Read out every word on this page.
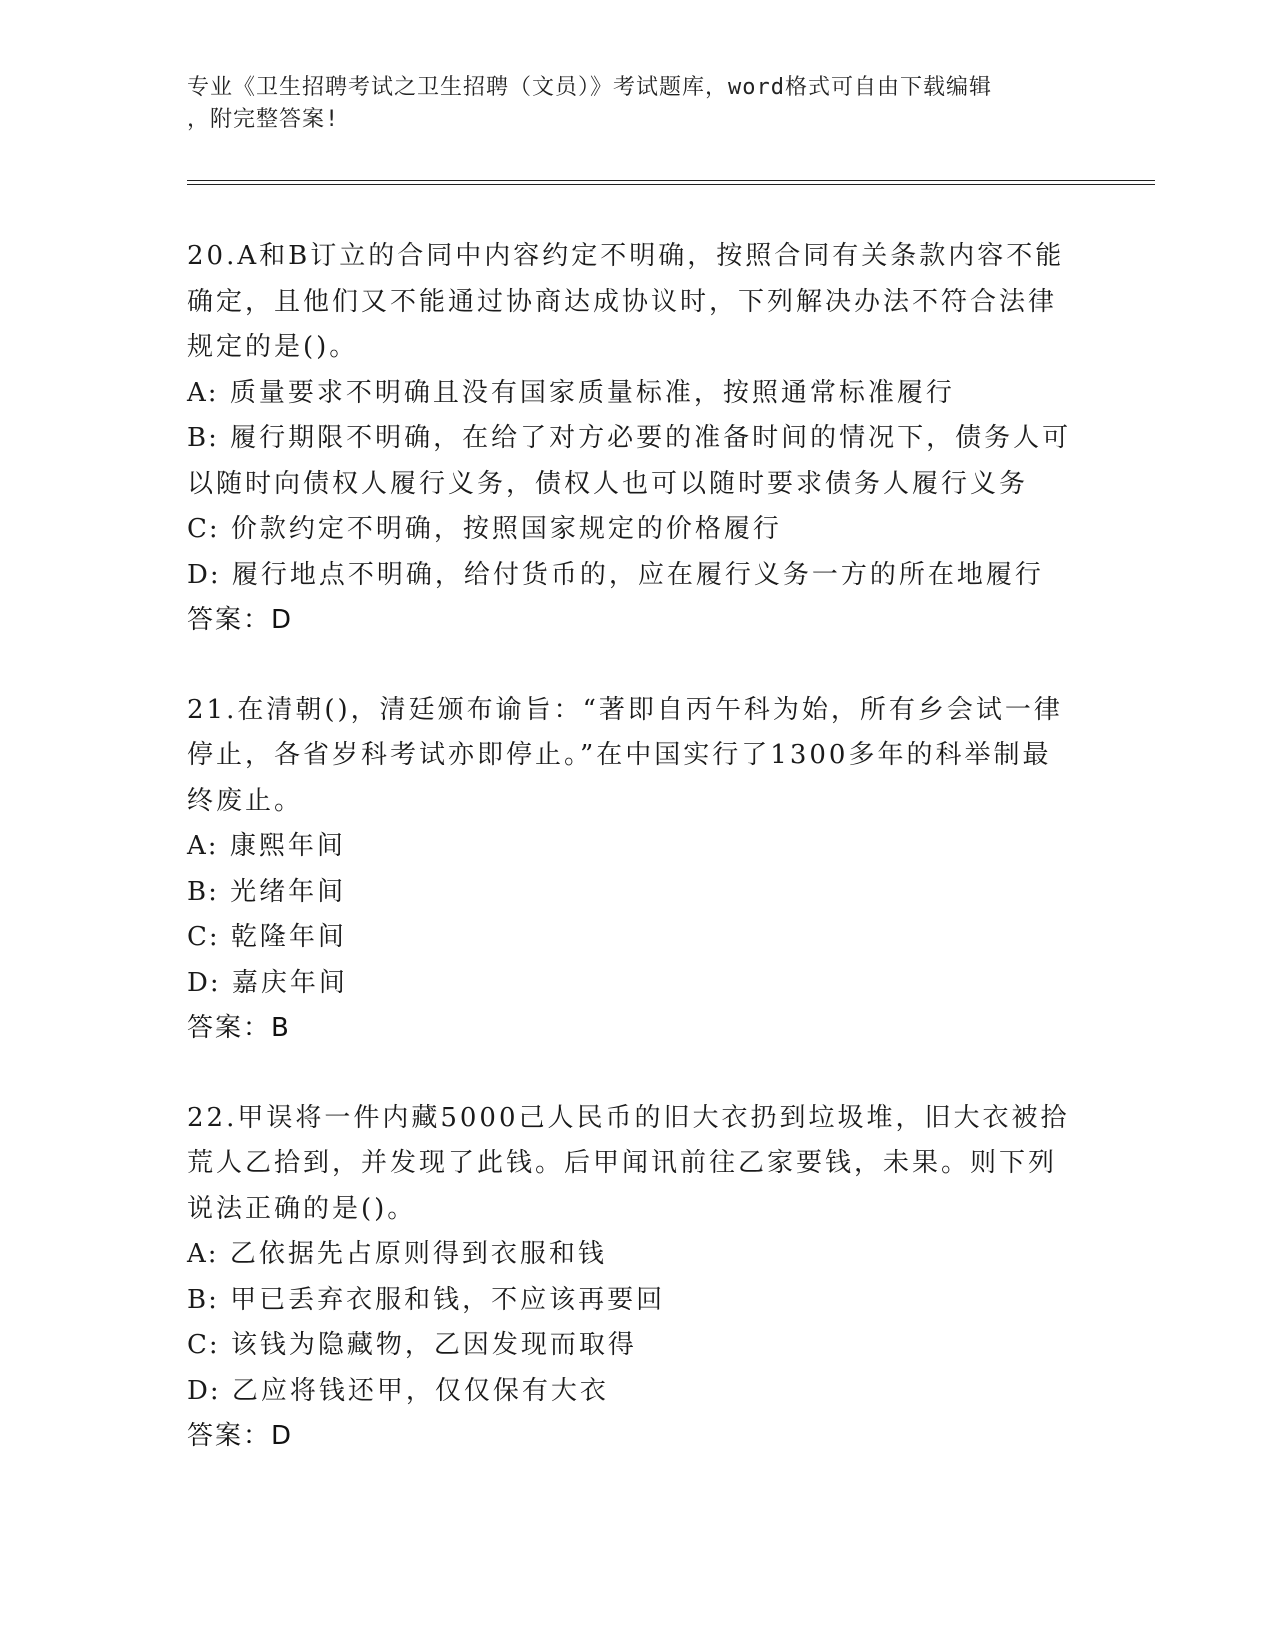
专业《卫生招聘考试之卫生招聘（文员）》考试题库，word格式可自由下载编辑
，附完整答案!

20.A和B订立的合同中内容约定不明确，按照合同有关条款内容不能

确定，且他们又不能通过协商达成协议时，下列解决办法不符合法律

规定的是()。

A: 质量要求不明确且没有国家质量标准，按照通常标准履行
B: 履行期限不明确，在给了对方必要的准备时间的情况下，债务人可
以随时向债权人履行义务，债权人也可以随时要求债务人履行义务
C: 价款约定不明确，按照国家规定的价格履行
D: 履行地点不明确，给付货币的，应在履行义务一方的所在地履行
答案：D

21.在清朝()，清廷颁布谕旨：“著即自丙午科为始，所有乡会试一律

停止，各省岁科考试亦即停止。”在中国实行了1300多年的科举制最

终废止。

A: 康熙年间
B: 光绪年间
C: 乾隆年间
D: 嘉庆年间
答案：B

22.甲误将一件内藏5000己人民币的旧大衣扔到垃圾堆，旧大衣被拾

荒人乙拾到，并发现了此钱。后甲闻讯前往乙家要钱，未果。则下列

说法正确的是()。

A: 乙依据先占原则得到衣服和钱
B: 甲已丢弃衣服和钱，不应该再要回
C: 该钱为隐藏物，乙因发现而取得
D: 乙应将钱还甲，仅仅保有大衣
答案：D
